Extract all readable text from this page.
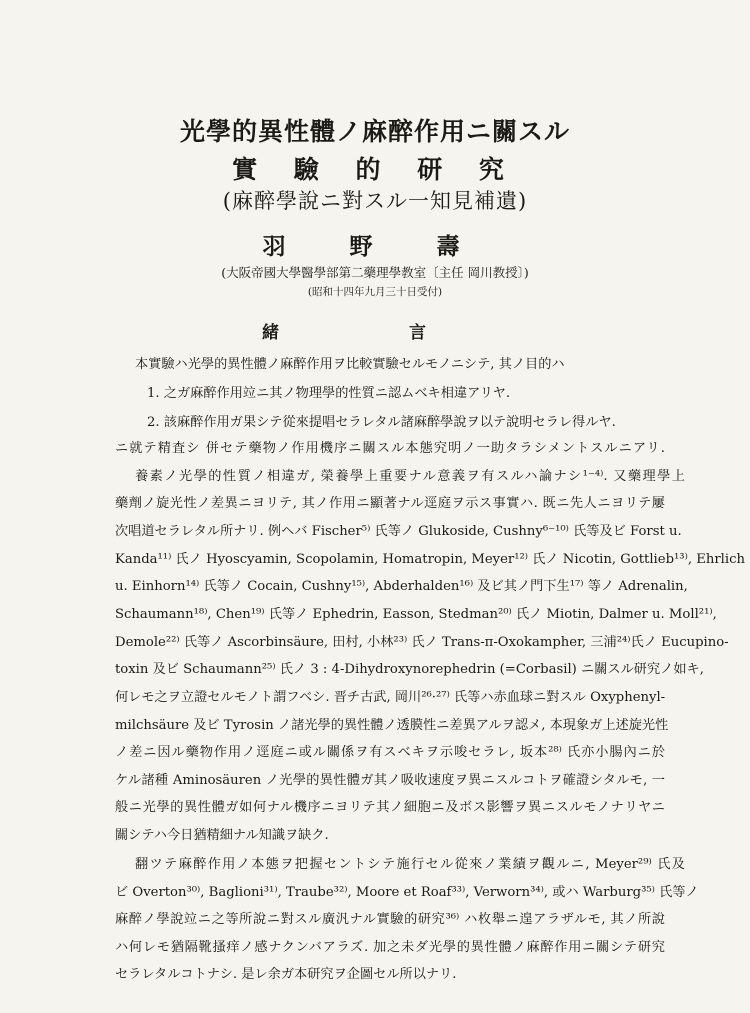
光學的異性體ノ麻醉作用ニ關スル
實 驗 的 研 究
(麻醉學說ニ對スル一知見補遺)
羽 野 壽
(大阪帝國大學醫學部第二藥理學教室〔主任 岡川教授〕)
(昭和十四年九月三十日受付)
緒 言
本實驗ハ光學的異性體ノ麻醉作用ヲ比較實驗セルモノニシテ, 其ノ目的ハ
1. 之ガ麻醉作用竝ニ其ノ物理學的性質ニ認ムベキ相違アリヤ.
2. 該麻醉作用ガ果シテ從來提唱セラレタル諸麻醉學說ヲ以テ說明セラレ得ルヤ.
ニ就テ精査シ 併セテ藥物ノ作用機序ニ關スル本態究明ノ一助タラシメントスルニアリ.
養素ノ光學的性質ノ相違ガ, 榮養學上重要ナル意義ヲ有スルハ論ナシ¹⁻⁴⁾. 又藥理學上
藥劑ノ旋光性ノ差異ニヨリテ, 其ノ作用ニ顯著ナル逕庭ヲ示ス事實ハ. 既ニ先人ニヨリテ屢
次唱道セラレタル所ナリ. 例ヘバ Fischer⁵⁾ 氏等ノ Glukoside, Cushny⁶⁻¹⁰⁾ 氏等及ビ Forst u.
Kanda¹¹⁾ 氏ノ Hyoscyamin, Scopolamin, Homatropin, Meyer¹²⁾ 氏ノ Nicotin, Gottlieb¹³⁾, Ehrlich
u. Einhorn¹⁴⁾ 氏等ノ Cocain, Cushny¹⁵⁾, Abderhalden¹⁶⁾ 及ビ其ノ門下生¹⁷⁾ 等ノ Adrenalin,
Schaumann¹⁸⁾, Chen¹⁹⁾ 氏等ノ Ephedrin, Easson, Stedman²⁰⁾ 氏ノ Miotin, Dalmer u. Moll²¹⁾,
Demole²²⁾ 氏等ノ Ascorbinsäure, 田村, 小林²³⁾ 氏ノ Trans-π-Oxokampher, 三浦²⁴⁾氏ノ Eucupino-
toxin 及ビ Schaumann²⁵⁾ 氏ノ 3 : 4-Dihydroxynorephedrin (=Corbasil) ニ關スル研究ノ如キ,
何レモ之ヲ立證セルモノト謂フベシ. 晋チ古武, 岡川²⁶·²⁷⁾ 氏等ハ赤血球ニ對スル Oxyphenyl-
milchsäure 及ビ Tyrosin ノ諸光學的異性體ノ透膜性ニ差異アルヲ認メ, 本現象ガ上述旋光性
ノ差ニ因ル藥物作用ノ逕庭ニ或ル關係ヲ有スベキヲ示唆セラレ, 坂本²⁸⁾ 氏亦小腸內ニ於
ケル諸種 Aminosäuren ノ光學的異性體ガ其ノ吸收速度ヲ異ニスルコトヲ確證シタルモ, 一
般ニ光學的異性體ガ如何ナル機序ニヨリテ其ノ細胞ニ及ボス影響ヲ異ニスルモノナリヤニ
關シテハ今日猶精細ナル知識ヲ缺ク.
翻ツテ麻醉作用ノ本態ヲ把握セントシテ施行セル從來ノ業績ヲ觀ルニ, Meyer²⁹⁾ 氏及
ビ Overton³⁰⁾, Baglioni³¹⁾, Traube³²⁾, Moore et Roaf³³⁾, Verworn³⁴⁾, 或ハ Warburg³⁵⁾ 氏等ノ
麻醉ノ學說竝ニ之等所說ニ對スル廣汎ナル實驗的研究³⁶⁾ ハ枚舉ニ遑アラザルモ, 其ノ所說
ハ何レモ猶隔靴搔痒ノ感ナクンバアラズ. 加之未ダ光學的異性體ノ麻醉作用ニ關シテ研究
セラレタルコトナシ. 是レ余ガ本研究ヲ企圖セル所以ナリ.
